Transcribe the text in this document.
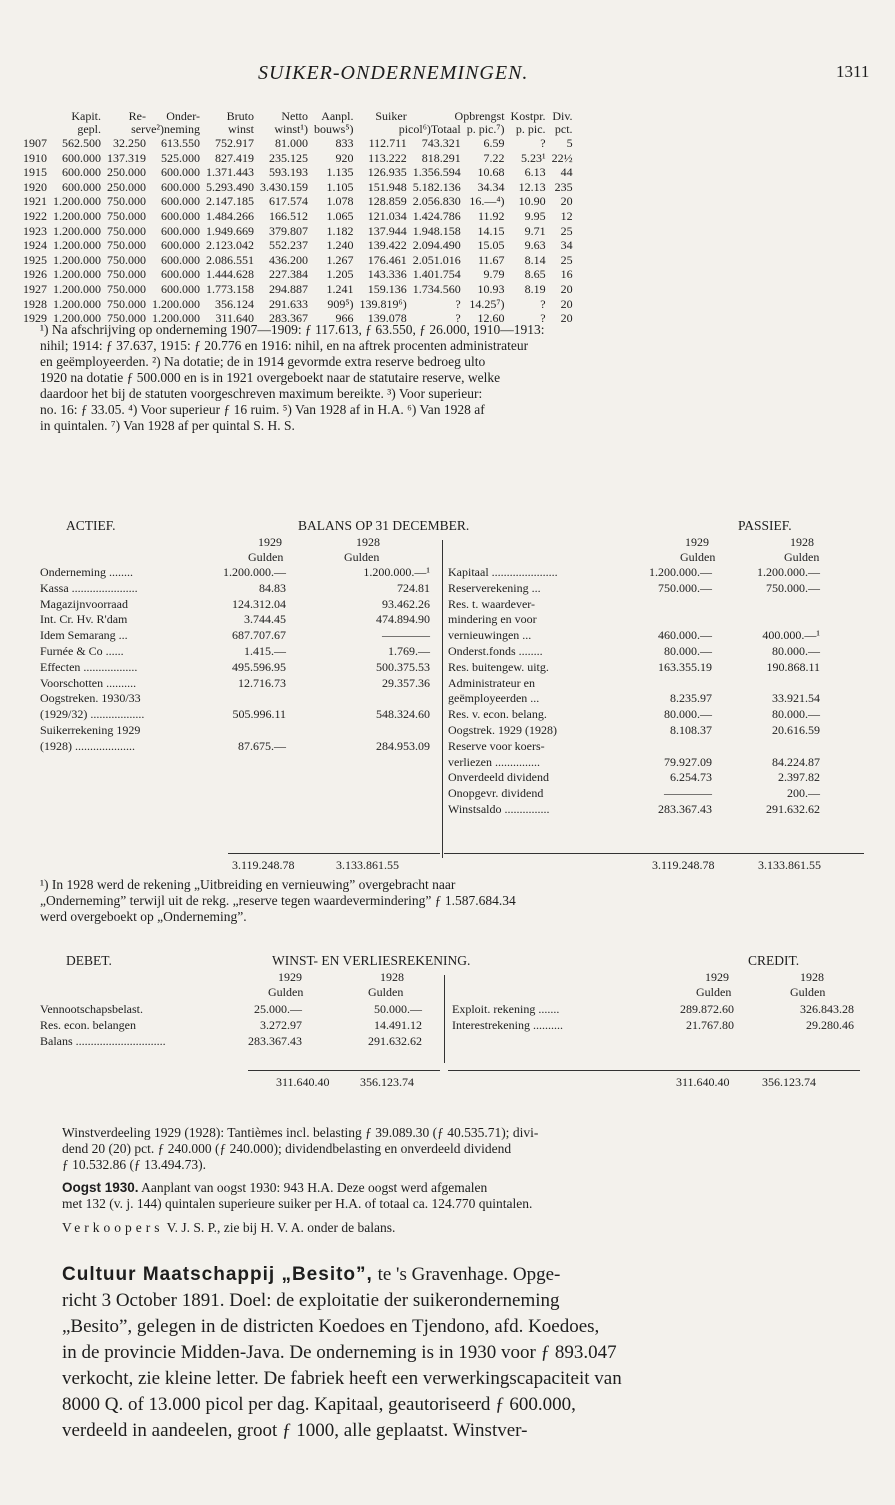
SUIKER-ONDERNEMINGEN.	1311
	Kapit.	Re-	Onder-	Bruto	Netto	Aanpl.	Suiker	Opbrengst		Kostpr.	Div.
	gepl.	serve²)neming		winst	winst¹)	bouws⁵)	picol⁶)Totaal		p. pic.⁷)	p. pic.	pct.
1907	562.500	32.250	613.550	752.917	81.000	833	112.711	743.321	6.59	?	5
1910	600.000	137.319	525.000	827.419	235.125	920	113.222	818.291	7.22	5.23¹	22½
1915	600.000	250.000	600.000	1.371.443	593.193	1.135	126.935	1.356.594	10.68	6.13	44
1920	600.000	250.000	600.000	5.293.490	3.430.159	1.105	151.948	5.182.136	34.34	12.13	235
1921	1.200.000	750.000	600.000	2.147.185	617.574	1.078	128.859	2.056.830	16.—⁴)	10.90	20
1922	1.200.000	750.000	600.000	1.484.266	166.512	1.065	121.034	1.424.786	11.92	9.95	12
1923	1.200.000	750.000	600.000	1.949.669	379.807	1.182	137.944	1.948.158	14.15	9.71	25
1924	1.200.000	750.000	600.000	2.123.042	552.237	1.240	139.422	2.094.490	15.05	9.63	34
1925	1.200.000	750.000	600.000	2.086.551	436.200	1.267	176.461	2.051.016	11.67	8.14	25
1926	1.200.000	750.000	600.000	1.444.628	227.384	1.205	143.336	1.401.754	9.79	8.65	16
1927	1.200.000	750.000	600.000	1.773.158	294.887	1.241	159.136	1.734.560	10.93	8.19	20
1928	1.200.000	750.000	1.200.000	356.124	291.633	909⁵)	139.819⁶)	?	14.25⁷)	?	20
1929	1.200.000	750.000	1.200.000	311.640	283.367	966	139.078	?	12.60	?	20
¹) Na afschrijving op onderneming 1907—1909: ƒ 117.613, ƒ 63.550, ƒ 26.000, 1910—1913:
nihil; 1914: ƒ 37.637, 1915: ƒ 20.776 en 1916: nihil, en na aftrek procenten administrateur
en geëmployeerden. ²) Na dotatie; de in 1914 gevormde extra reserve bedroeg ulto
1920 na dotatie ƒ 500.000 en is in 1921 overgeboekt naar de statutaire reserve, welke
daardoor het bij de statuten voorgeschreven maximum bereikte. ³) Voor superieur:
no. 16: ƒ 33.05. ⁴) Voor superieur ƒ 16 ruim. ⁵) Van 1928 af in H.A. ⁶) Van 1928 af
in quintalen. ⁷) Van 1928 af per quintal S. H. S.
ACTIEF.	BALANS OP 31 DECEMBER.	PASSIEF.
1929	1928
Gulden	Gulden
1929	1928
Gulden	Gulden
Onderneming ........	1.200.000.—	1.200.000.—¹
Kassa ......................	84.83	724.81
Magazijnvoorraad	124.312.04	93.462.26
Int. Cr. Hv. R'dam	3.744.45	474.894.90
Idem Semarang ...	687.707.67	————
Furnée & Co ......	1.415.—	1.769.—
Effecten ..................	495.596.95	500.375.53
Voorschotten ..........	12.716.73	29.357.36
Oogstreken. 1930/33
(1929/32) ..................	505.996.11	548.324.60
Suikerrekening 1929
(1928) ....................	87.675.—	284.953.09
Kapitaal ......................	1.200.000.—	1.200.000.—
Reserverekening ...	750.000.—	750.000.—
Res. t. waardever-
mindering en voor
vernieuwingen ...	460.000.—	400.000.—¹
Onderst.fonds ........	80.000.—	80.000.—
Res. buitengew. uitg.	163.355.19	190.868.11
Administrateur en
geëmployeerden ...	8.235.97	33.921.54
Res. v. econ. belang.	80.000.—	80.000.—
Oogstrek. 1929 (1928)	8.108.37	20.616.59
Reserve voor koers-
verliezen ...............	79.927.09	84.224.87
Onverdeeld dividend	6.254.73	2.397.82
Onopgevr. dividend	————	200.—
Winstsaldo ...............	283.367.43	291.632.62
3.119.248.78	3.133.861.55	3.119.248.78	3.133.861.55
¹) In 1928 werd de rekening „Uitbreiding en vernieuwing” overgebracht naar
„Onderneming” terwijl uit de rekg. „reserve tegen waardevermindering” ƒ 1.587.684.34
werd overgeboekt op „Onderneming”.
DEBET.	WINST- EN VERLIESREKENING.	CREDIT.
1929	1928
Gulden	Gulden
1929	1928
Gulden	Gulden
Vennootschapsbelast.	25.000.—	50.000.—
Res. econ. belangen	3.272.97	14.491.12
Balans ..............................	283.367.43	291.632.62
Exploit. rekening .......	289.872.60	326.843.28
Interestrekening ..........	21.767.80	29.280.46
311.640.40	356.123.74	311.640.40	356.123.74
Winstverdeeling 1929 (1928): Tantièmes incl. belasting ƒ 39.089.30 (ƒ 40.535.71); divi-
dend 20 (20) pct. ƒ 240.000 (ƒ 240.000); dividendbelasting en onverdeeld dividend
ƒ 10.532.86 (ƒ 13.494.73).
Oogst 1930. Aanplant van oogst 1930: 943 H.A. Deze oogst werd afgemalen
met 132 (v. j. 144) quintalen superieure suiker per H.A. of totaal ca. 124.770 quintalen.
Verkoopers V. J. S. P., zie bij H. V. A. onder de balans.
Cultuur Maatschappij „Besito”, te 's Gravenhage. Opge-
richt 3 October 1891. Doel: de exploitatie der suikeronderneming
„Besito”, gelegen in de districten Koedoes en Tjendono, afd. Koedoes,
in de provincie Midden-Java. De onderneming is in 1930 voor ƒ 893.047
verkocht, zie kleine letter. De fabriek heeft een verwerkingscapaciteit van
8000 Q. of 13.000 picol per dag. Kapitaal, geautoriseerd ƒ 600.000,
verdeeld in aandeelen, groot ƒ 1000, alle geplaatst. Winstver-
